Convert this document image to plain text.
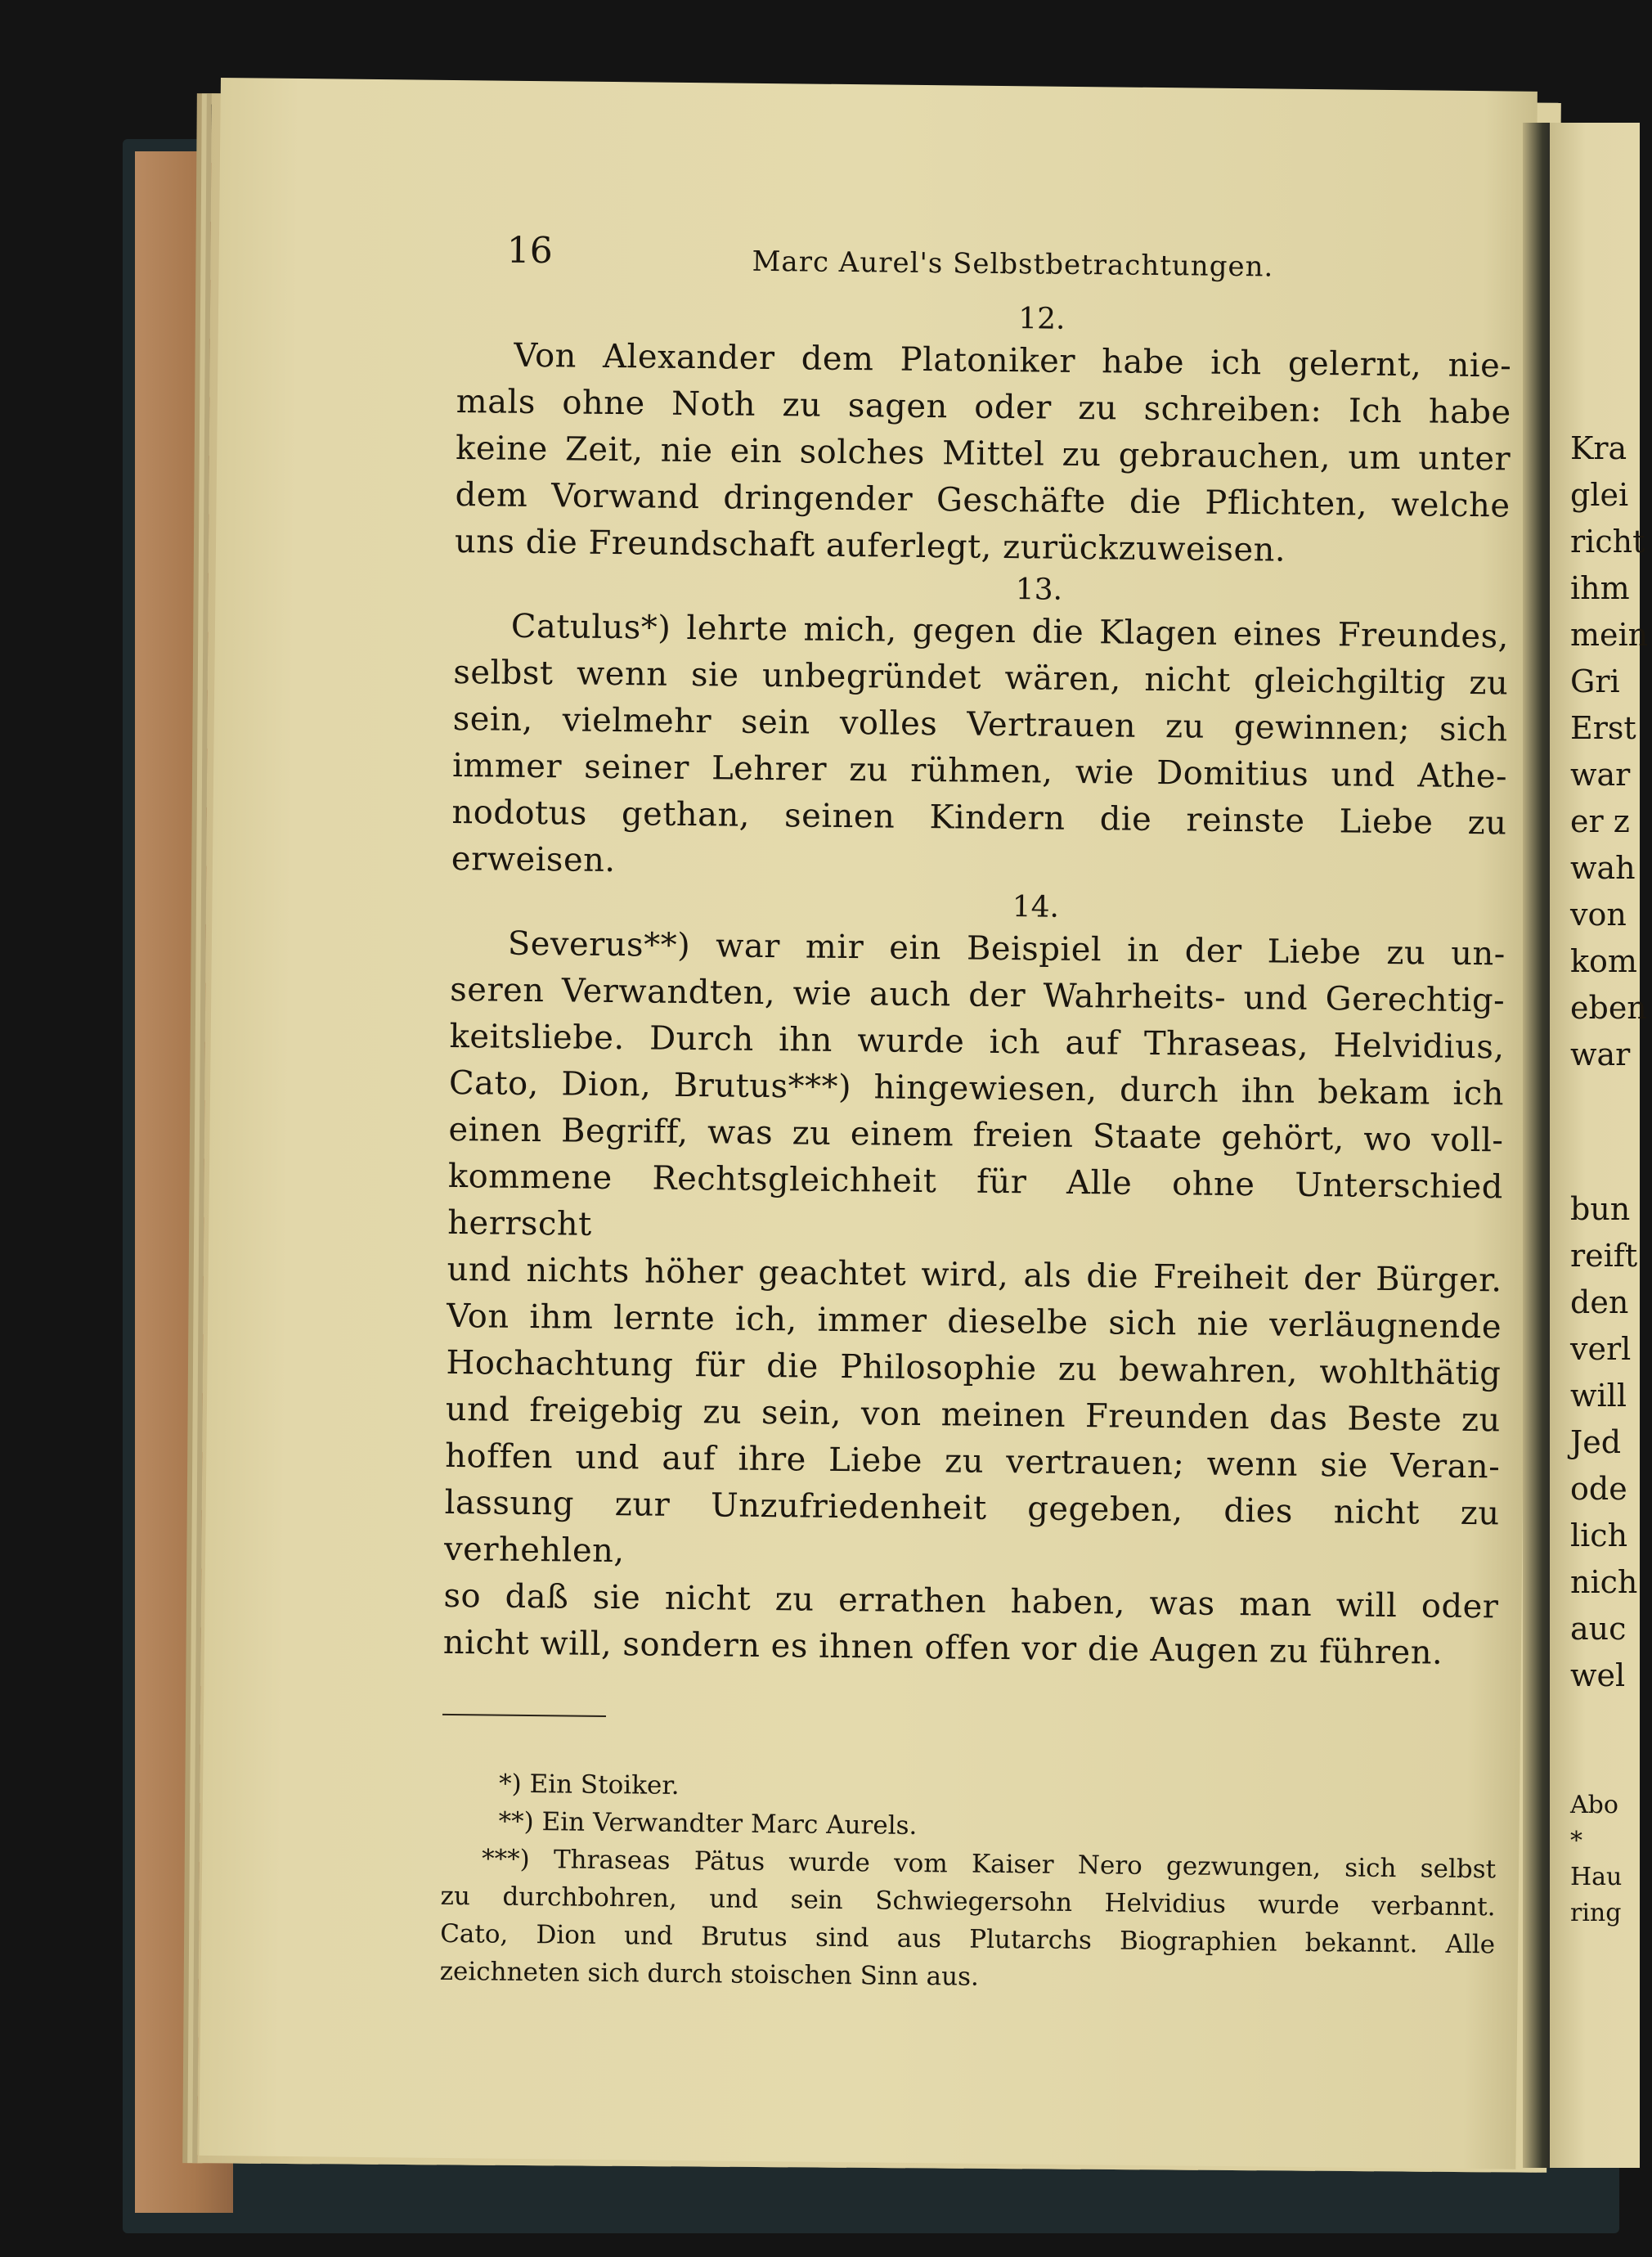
16	Marc Aurel's Selbstbetrachtungen.
12.

Von Alexander dem Platoniker habe ich gelernt, nie-

mals ohne Noth zu sagen oder zu schreiben: Ich habe

keine Zeit, nie ein solches Mittel zu gebrauchen, um unter

dem Vorwand dringender Geschäfte die Pflichten, welche

uns die Freundschaft auferlegt, zurückzuweisen.

13.

Catulus*) lehrte mich, gegen die Klagen eines Freundes,

selbst wenn sie unbegründet wären, nicht gleichgiltig zu

sein, vielmehr sein volles Vertrauen zu gewinnen; sich

immer seiner Lehrer zu rühmen, wie Domitius und Athe-

nodotus gethan, seinen Kindern die reinste Liebe zu erweisen.

14.

Severus**) war mir ein Beispiel in der Liebe zu un-

seren Verwandten, wie auch der Wahrheits- und Gerechtig-

keitsliebe. Durch ihn wurde ich auf Thraseas, Helvidius,

Cato, Dion, Brutus***) hingewiesen, durch ihn bekam ich

einen Begriff, was zu einem freien Staate gehört, wo voll-

kommene Rechtsgleichheit für Alle ohne Unterschied herrscht

und nichts höher geachtet wird, als die Freiheit der Bürger.

Von ihm lernte ich, immer dieselbe sich nie verläugnende

Hochachtung für die Philosophie zu bewahren, wohlthätig

und freigebig zu sein, von meinen Freunden das Beste zu

hoffen und auf ihre Liebe zu vertrauen; wenn sie Veran-

lassung zur Unzufriedenheit gegeben, dies nicht zu verhehlen,

so daß sie nicht zu errathen haben, was man will oder

nicht will, sondern es ihnen offen vor die Augen zu führen.

*) Ein Stoiker.

**) Ein Verwandter Marc Aurels.

***) Thraseas Pätus wurde vom Kaiser Nero gezwungen, sich selbst

zu durchbohren, und sein Schwiegersohn Helvidius wurde verbannt.

Cato, Dion und Brutus sind aus Plutarchs Biographien bekannt. Alle

zeichneten sich durch stoischen Sinn aus.

Kra
glei
richt
ihm
mein
Gri
Erst
war
er z
wah
von
kom
eben
war
bun
reift
den
verl
will
Jed
ode
lich
nich
auc
wel
Abo
*
Hau
ring
